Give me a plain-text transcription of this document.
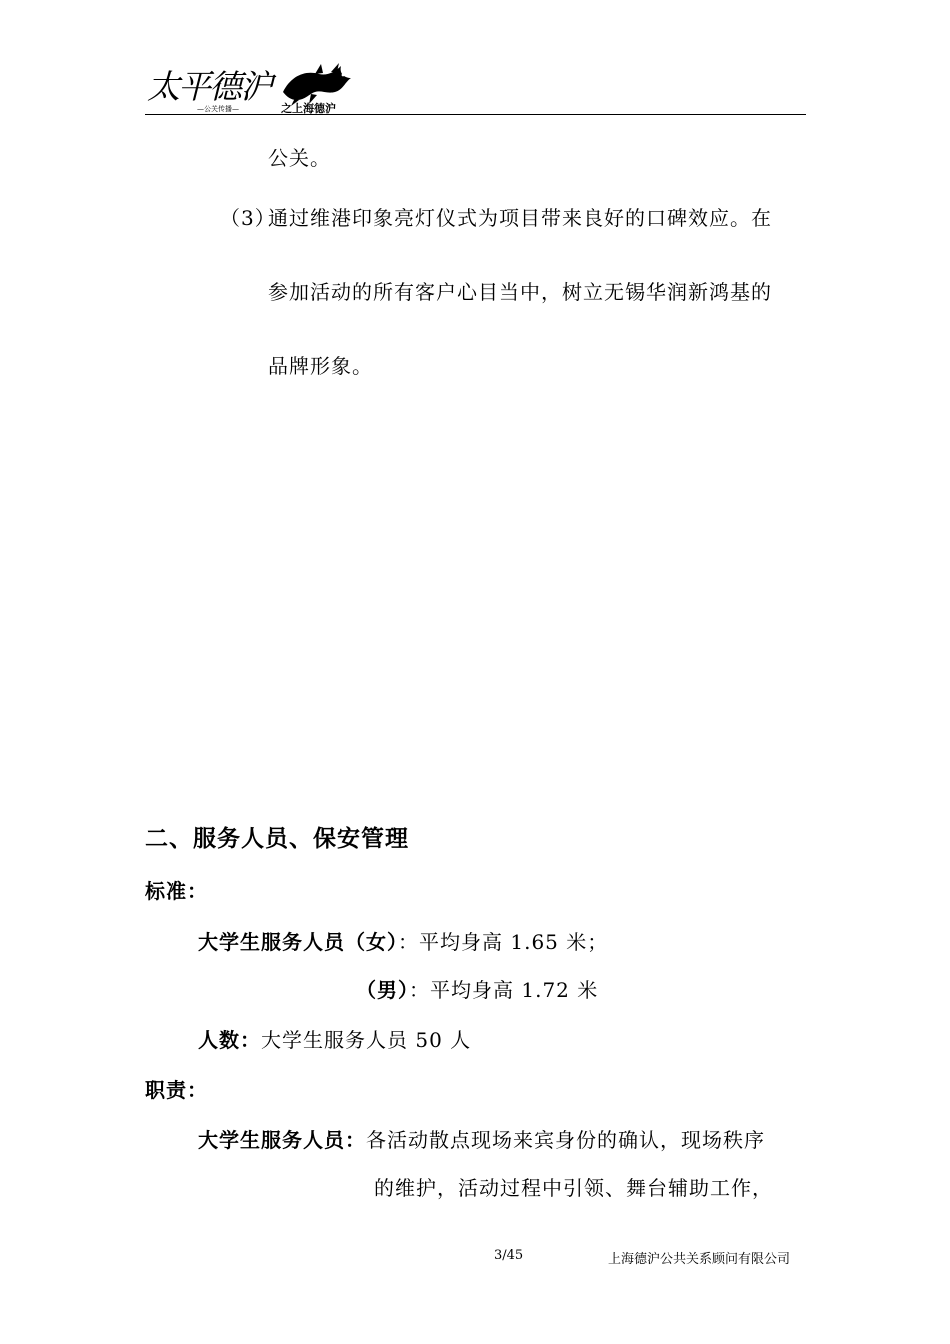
太平德沪
—公关传播—	之上海德沪
公关。
（3）
通过维港印象亮灯仪式为项目带来良好的口碑效应。在
参加活动的所有客户心目当中，树立无锡华润新鸿基的
品牌形象。
二、服务人员、保安管理
标准：
大学生服务人员（女）：平均身高 1.65 米；
（男）：平均身高 1.72 米
人数：大学生服务人员 50 人
职责：
大学生服务人员：各活动散点现场来宾身份的确认，现场秩序
的维护，活动过程中引领、舞台辅助工作，
3/45	上海德沪公共关系顾问有限公司
